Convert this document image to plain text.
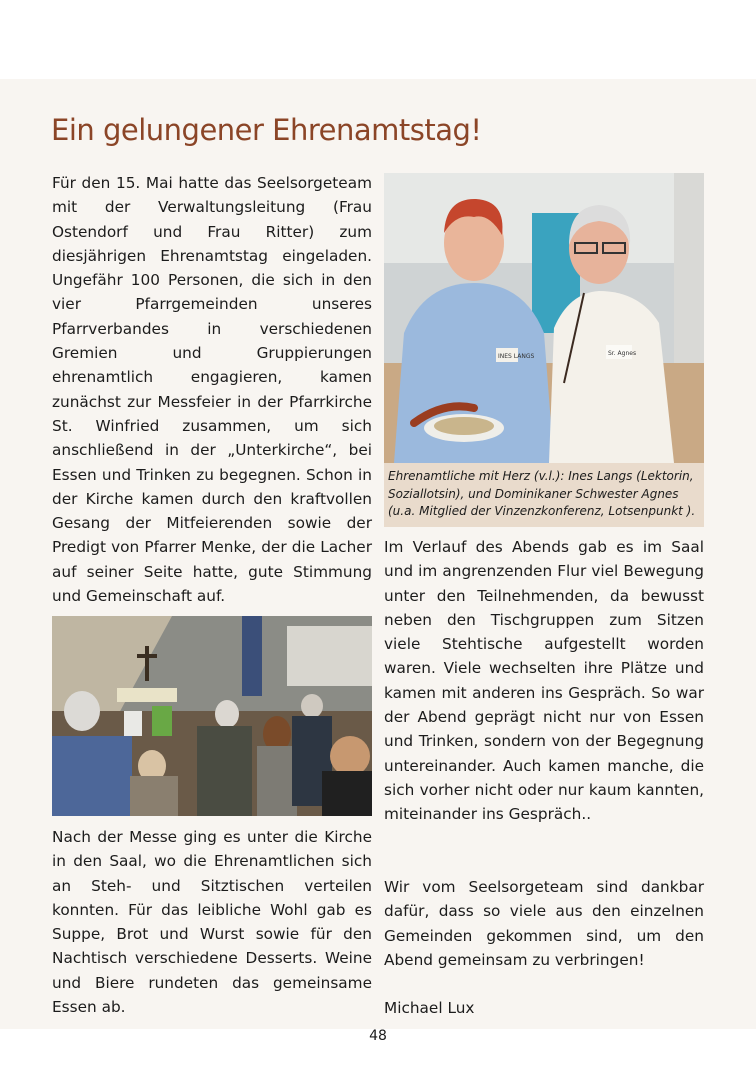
Ein gelungener Ehrenamtstag!

Für den 15. Mai hatte das Seelsorgeteam mit der Verwaltungsleitung (Frau Ostendorf und Frau Ritter) zum diesjährigen Ehrenamtstag eingeladen. Ungefähr 100 Personen, die sich in den vier Pfarrgemeinden unseres Pfarrverbandes in verschiedenen Gremien und Gruppierungen ehrenamtlich engagieren, kamen zunächst zur Messfeier in der Pfarrkirche St. Winfried zusammen, um sich anschließend in der „Unterkirche“, bei Essen und Trinken zu begegnen. Schon in der Kirche kamen durch den kraftvollen Gesang der Mitfeierenden sowie der Predigt von Pfarrer Menke, der die Lacher auf seiner Seite hatte, gute Stimmung und Gemeinschaft auf.

INES LANGS	Sr. Agnes
Ehrenamtliche mit Herz (v.l.): Ines Langs (Lektorin, Soziallotsin), und Dominikaner Schwester Agnes (u.a. Mitglied der Vinzenzkonferenz, Lotsenpunkt ).

Im Verlauf des Abends gab es im Saal und im angrenzenden Flur viel Bewegung unter den Teilnehmenden, da bewusst neben den Tischgruppen zum Sitzen viele Stehtische aufgestellt worden waren. Viele wechselten ihre Plätze und kamen mit anderen ins Gespräch. So war der Abend geprägt nicht nur von Essen und Trinken, sondern von der Begegnung untereinander. Auch kamen manche, die sich vorher nicht oder nur kaum kannten, miteinander ins Gespräch..

Nach der Messe ging es unter die Kirche in den Saal, wo die Ehrenamtlichen sich an Steh- und Sitztischen verteilen konnten. Für das leibliche Wohl gab es Suppe, Brot und Wurst sowie für den Nachtisch verschiedene Desserts. Weine und Biere rundeten das gemeinsame Essen ab.

Wir vom Seelsorgeteam sind dankbar dafür, dass so viele aus den einzelnen Gemeinden gekommen sind, um den Abend gemeinsam zu verbringen!

Michael Lux

48
